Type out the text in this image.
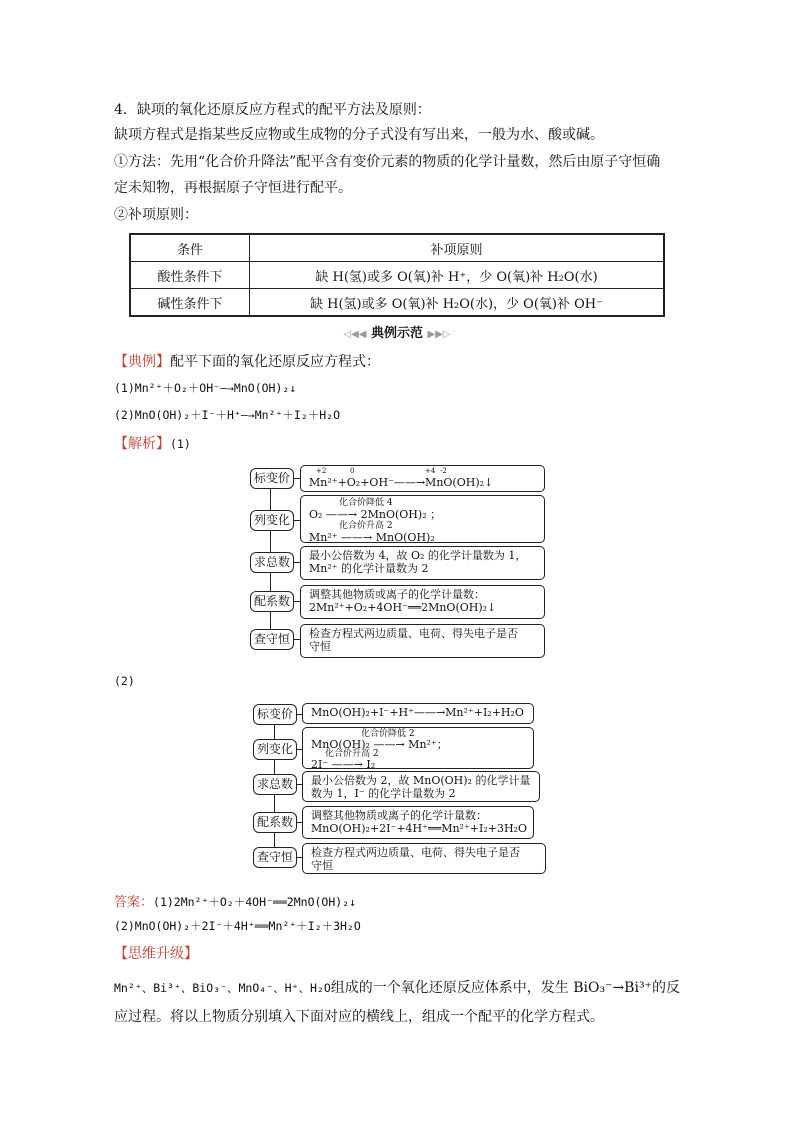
4．缺项的氧化还原反应方程式的配平方法及原则：
缺项方程式是指某些反应物或生成物的分子式没有写出来，一般为水、酸或碱。
①方法：先用“化合价升降法”配平含有变价元素的物质的化学计量数，然后由原子守恒确
定未知物，再根据原子守恒进行配平。
②补项原则：
条件	补项原则
酸性条件下	缺 H(氢)或多 O(氧)补 H⁺，少 O(氧)补 H₂O(水)
碱性条件下	缺 H(氢)或多 O(氧)补 H₂O(水)，少 O(氧)补 OH⁻
◁◀◀ 典例示范 ▶▶▷
【典例】配平下面的氧化还原反应方程式：
(1)Mn²⁺＋O₂＋OH⁻—→MnO(OH)₂↓
(2)MnO(OH)₂＋I⁻＋H⁺—→Mn²⁺＋I₂＋H₂O
【解析】(1)
标变价
列变化
求总数
配系数
查守恒
Mn²⁺+O₂+OH⁻——→MnO(OH)₂↓
+2	0	+4 -2
化合价降低 4
O₂ ——→ 2MnO(OH)₂ ；
化合价升高 2
Mn²⁺ ——→ MnO(OH)₂
最小公倍数为 4，故 O₂ 的化学计量数为 1，
Mn²⁺ 的化学计量数为 2
调整其他物质或离子的化学计量数：
2Mn²⁺+O₂+4OH⁻══2MnO(OH)₂↓
检查方程式两边质量、电荷、得失电子是否
守恒
(2)
标变价
列变化
求总数
配系数
查守恒
MnO(OH)₂+I⁻+H⁺——→Mn²⁺+I₂+H₂O
化合价降低 2
MnO(OH)₂ ——→ Mn²⁺；
化合价升高 2
2I⁻ ——→ I₂
最小公倍数为 2，故 MnO(OH)₂ 的化学计量
数为 1，I⁻ 的化学计量数为 2
调整其他物质或离子的化学计量数：
MnO(OH)₂+2I⁻+4H⁺══Mn²⁺+I₂+3H₂O
检查方程式两边质量、电荷、得失电子是否
守恒
答案：(1)2Mn²⁺＋O₂＋4OH⁻══2MnO(OH)₂↓
(2)MnO(OH)₂＋2I⁻＋4H⁺══Mn²⁺＋I₂＋3H₂O
【思维升级】
Mn²⁺、Bi³⁺、BiO₃⁻、MnO₄⁻、H⁺、H₂O组成的一个氧化还原反应体系中，发生 BiO₃⁻→Bi³⁺的反
应过程。将以上物质分别填入下面对应的横线上，组成一个配平的化学方程式。
